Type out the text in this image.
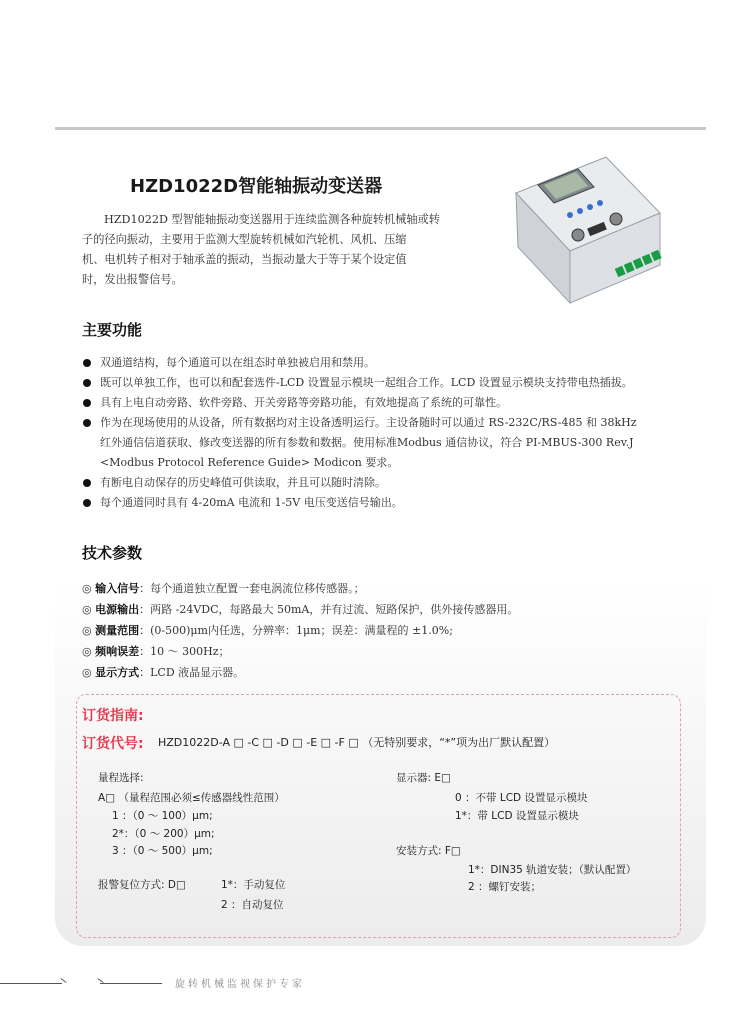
HZD1022D智能轴振动变送器

HZD1022D 型智能轴振动变送器用于连续监测各种旋转机械轴或转

子的径向振动，主要用于监测大型旋转机械如汽轮机、风机、压缩

机、电机转子相对于轴承盖的振动，当振动量大于等于某个设定值

时，发出报警信号。

主要功能
双通道结构，每个通道可以在组态时单独被启用和禁用。
既可以单独工作，也可以和配套选件-LCD 设置显示模块一起组合工作。LCD 设置显示模块支持带电热插拔。
具有上电自动旁路、软件旁路、开关旁路等旁路功能，有效地提高了系统的可靠性。
作为在现场使用的从设备，所有数据均对主设备透明运行。主设备随时可以通过 RS-232C/RS-485 和 38kHz
红外通信信道获取、修改变送器的所有参数和数据。使用标准Modbus 通信协议，符合 PI-MBUS-300 Rev.J
<Modbus Protocol Reference Guide> Modicon 要求。
有断电自动保存的历史峰值可供读取，并且可以随时清除。
每个通道同时具有 4-20mA 电流和 1-5V 电压变送信号输出。
技术参数
◎ 输入信号：每个通道独立配置一套电涡流位移传感器。；
◎ 电源输出：两路 -24VDC，每路最大 50mA，并有过流、短路保护，供外接传感器用。
◎ 测量范围：(0-500)μm内任选，分辨率：1μm；误差：满量程的 ±1.0%;
◎ 频响误差：10 ～ 300Hz；
◎ 显示方式：LCD 液晶显示器。
订货指南:
订货代号: HZD1022D-A □ -C □ -D □ -E □ -F □ （无特别要求，“*”项为出厂默认配置）
量程选择:
A□ （量程范围必须≤传感器线性范围）
1 ：（0 ～ 100）μm;
2*：（0 ～ 200）μm;
3 ：（0 ～ 500）μm;
报警复位方式: D□	1*：手动复位
2 ：自动复位
显示器: E□
0 ：不带 LCD 设置显示模块
1*：带 LCD 设置显示模块
安装方式: F□
1*：DIN35 轨道安装；（默认配置）
2 ：螺钉安装；
旋转机械监视保护专家
